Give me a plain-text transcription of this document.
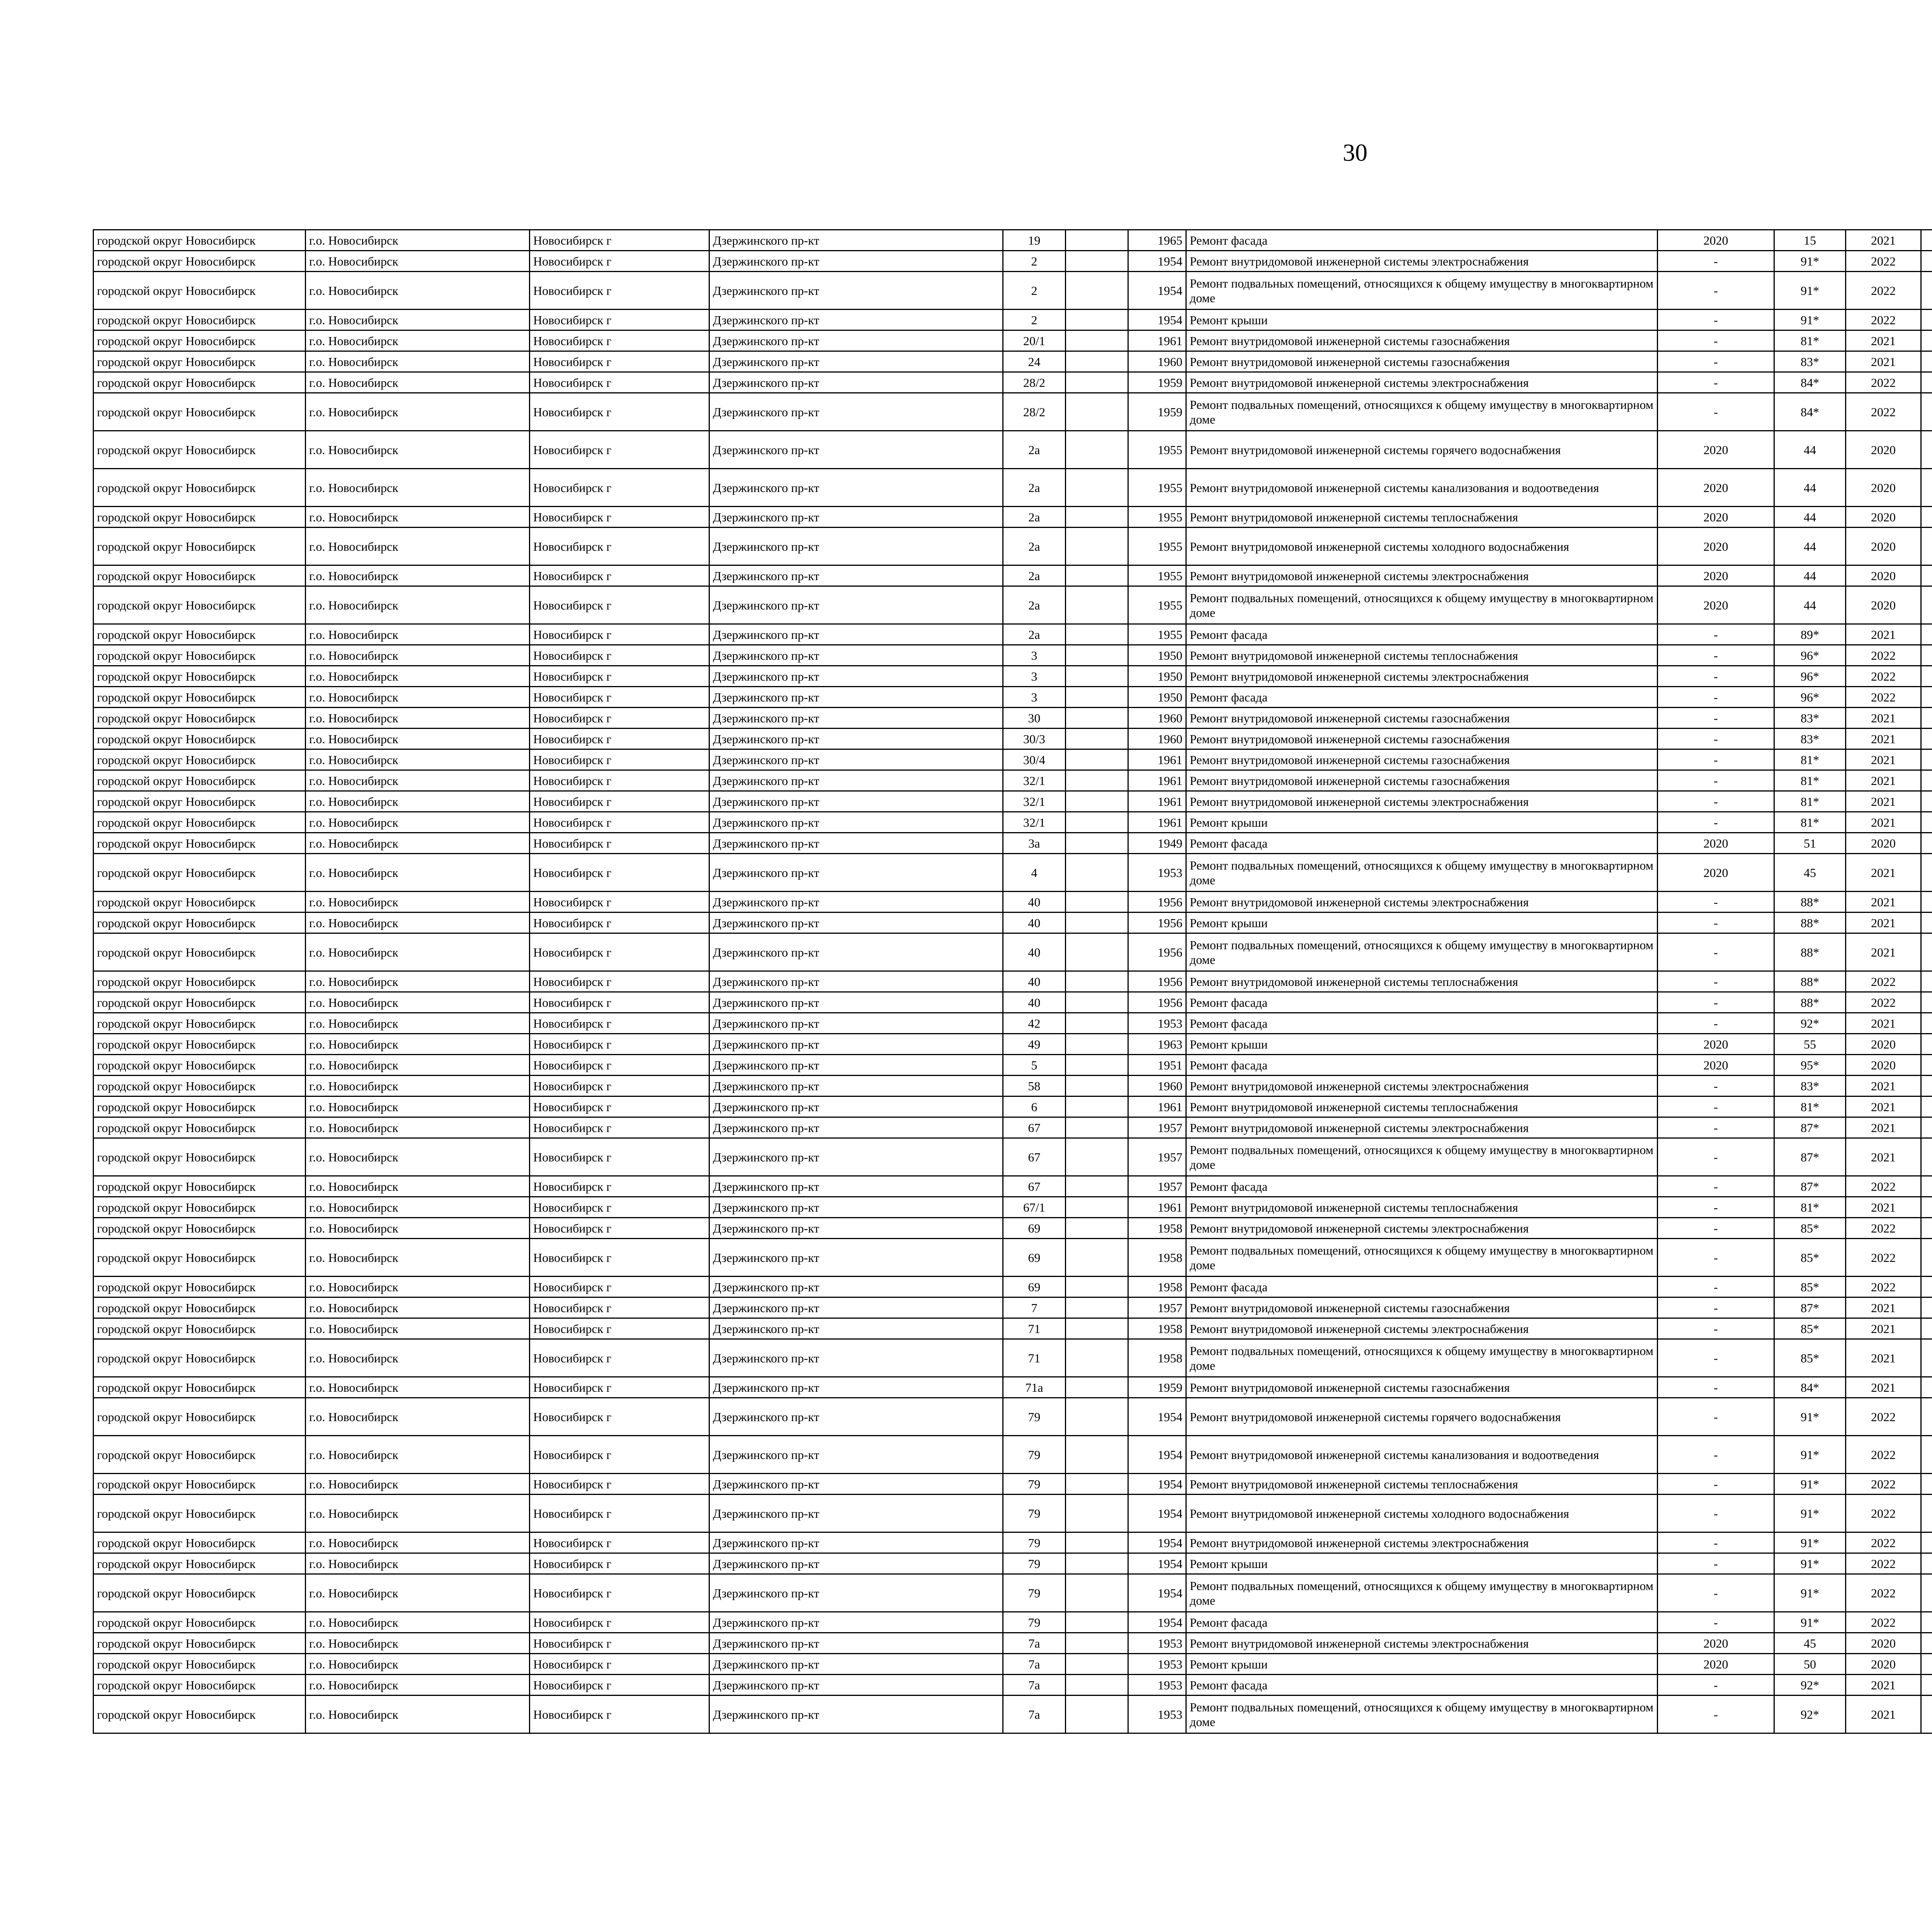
30
городской округ Новосибирск	г.о. Новосибирск	Новосибирск г	Дзержинского пр-кт	19		1965	Ремонт фасада	2020	15	2021						
городской округ Новосибирск	г.о. Новосибирск	Новосибирск г	Дзержинского пр-кт	2		1954	Ремонт внутридомовой инженерной системы электроснабжения	-	91*	2022						
городской округ Новосибирск	г.о. Новосибирск	Новосибирск г	Дзержинского пр-кт	2		1954	Ремонт подвальных помещений, относящихся к общему имуществу в многоквартирном доме	-	91*	2022						
городской округ Новосибирск	г.о. Новосибирск	Новосибирск г	Дзержинского пр-кт	2		1954	Ремонт крыши	-	91*	2022						
городской округ Новосибирск	г.о. Новосибирск	Новосибирск г	Дзержинского пр-кт	20/1		1961	Ремонт внутридомовой инженерной системы газоснабжения	-	81*	2021						
городской округ Новосибирск	г.о. Новосибирск	Новосибирск г	Дзержинского пр-кт	24		1960	Ремонт внутридомовой инженерной системы газоснабжения	-	83*	2021						
городской округ Новосибирск	г.о. Новосибирск	Новосибирск г	Дзержинского пр-кт	28/2		1959	Ремонт внутридомовой инженерной системы электроснабжения	-	84*	2022						
городской округ Новосибирск	г.о. Новосибирск	Новосибирск г	Дзержинского пр-кт	28/2		1959	Ремонт подвальных помещений, относящихся к общему имуществу в многоквартирном доме	-	84*	2022						
городской округ Новосибирск	г.о. Новосибирск	Новосибирск г	Дзержинского пр-кт	2а		1955	Ремонт внутридомовой инженерной системы горячего водоснабжения	2020	44	2020						
городской округ Новосибирск	г.о. Новосибирск	Новосибирск г	Дзержинского пр-кт	2а		1955	Ремонт внутридомовой инженерной системы канализования и водоотведения	2020	44	2020						
городской округ Новосибирск	г.о. Новосибирск	Новосибирск г	Дзержинского пр-кт	2а		1955	Ремонт внутридомовой инженерной системы теплоснабжения	2020	44	2020						
городской округ Новосибирск	г.о. Новосибирск	Новосибирск г	Дзержинского пр-кт	2а		1955	Ремонт внутридомовой инженерной системы холодного водоснабжения	2020	44	2020						
городской округ Новосибирск	г.о. Новосибирск	Новосибирск г	Дзержинского пр-кт	2а		1955	Ремонт внутридомовой инженерной системы электроснабжения	2020	44	2020						
городской округ Новосибирск	г.о. Новосибирск	Новосибирск г	Дзержинского пр-кт	2а		1955	Ремонт подвальных помещений, относящихся к общему имуществу в многоквартирном доме	2020	44	2020						
городской округ Новосибирск	г.о. Новосибирск	Новосибирск г	Дзержинского пр-кт	2а		1955	Ремонт фасада	-	89*	2021						
городской округ Новосибирск	г.о. Новосибирск	Новосибирск г	Дзержинского пр-кт	3		1950	Ремонт внутридомовой инженерной системы теплоснабжения	-	96*	2022						
городской округ Новосибирск	г.о. Новосибирск	Новосибирск г	Дзержинского пр-кт	3		1950	Ремонт внутридомовой инженерной системы электроснабжения	-	96*	2022						
городской округ Новосибирск	г.о. Новосибирск	Новосибирск г	Дзержинского пр-кт	3		1950	Ремонт фасада	-	96*	2022						
городской округ Новосибирск	г.о. Новосибирск	Новосибирск г	Дзержинского пр-кт	30		1960	Ремонт внутридомовой инженерной системы газоснабжения	-	83*	2021						
городской округ Новосибирск	г.о. Новосибирск	Новосибирск г	Дзержинского пр-кт	30/3		1960	Ремонт внутридомовой инженерной системы газоснабжения	-	83*	2021						
городской округ Новосибирск	г.о. Новосибирск	Новосибирск г	Дзержинского пр-кт	30/4		1961	Ремонт внутридомовой инженерной системы газоснабжения	-	81*	2021						
городской округ Новосибирск	г.о. Новосибирск	Новосибирск г	Дзержинского пр-кт	32/1		1961	Ремонт внутридомовой инженерной системы газоснабжения	-	81*	2021						
городской округ Новосибирск	г.о. Новосибирск	Новосибирск г	Дзержинского пр-кт	32/1		1961	Ремонт внутридомовой инженерной системы электроснабжения	-	81*	2021						
городской округ Новосибирск	г.о. Новосибирск	Новосибирск г	Дзержинского пр-кт	32/1		1961	Ремонт крыши	-	81*	2021						
городской округ Новосибирск	г.о. Новосибирск	Новосибирск г	Дзержинского пр-кт	3а		1949	Ремонт фасада	2020	51	2020						
городской округ Новосибирск	г.о. Новосибирск	Новосибирск г	Дзержинского пр-кт	4		1953	Ремонт подвальных помещений, относящихся к общему имуществу в многоквартирном доме	2020	45	2021						
городской округ Новосибирск	г.о. Новосибирск	Новосибирск г	Дзержинского пр-кт	40		1956	Ремонт внутридомовой инженерной системы электроснабжения	-	88*	2021						
городской округ Новосибирск	г.о. Новосибирск	Новосибирск г	Дзержинского пр-кт	40		1956	Ремонт крыши	-	88*	2021						
городской округ Новосибирск	г.о. Новосибирск	Новосибирск г	Дзержинского пр-кт	40		1956	Ремонт подвальных помещений, относящихся к общему имуществу в многоквартирном доме	-	88*	2021						
городской округ Новосибирск	г.о. Новосибирск	Новосибирск г	Дзержинского пр-кт	40		1956	Ремонт внутридомовой инженерной системы теплоснабжения	-	88*	2022						
городской округ Новосибирск	г.о. Новосибирск	Новосибирск г	Дзержинского пр-кт	40		1956	Ремонт фасада	-	88*	2022						
городской округ Новосибирск	г.о. Новосибирск	Новосибирск г	Дзержинского пр-кт	42		1953	Ремонт фасада	-	92*	2021						
городской округ Новосибирск	г.о. Новосибирск	Новосибирск г	Дзержинского пр-кт	49		1963	Ремонт крыши	2020	55	2020						
городской округ Новосибирск	г.о. Новосибирск	Новосибирск г	Дзержинского пр-кт	5		1951	Ремонт фасада	2020	95*	2020						
городской округ Новосибирск	г.о. Новосибирск	Новосибирск г	Дзержинского пр-кт	58		1960	Ремонт внутридомовой инженерной системы электроснабжения	-	83*	2021						
городской округ Новосибирск	г.о. Новосибирск	Новосибирск г	Дзержинского пр-кт	6		1961	Ремонт внутридомовой инженерной системы теплоснабжения	-	81*	2021						
городской округ Новосибирск	г.о. Новосибирск	Новосибирск г	Дзержинского пр-кт	67		1957	Ремонт внутридомовой инженерной системы электроснабжения	-	87*	2021						
городской округ Новосибирск	г.о. Новосибирск	Новосибирск г	Дзержинского пр-кт	67		1957	Ремонт подвальных помещений, относящихся к общему имуществу в многоквартирном доме	-	87*	2021						
городской округ Новосибирск	г.о. Новосибирск	Новосибирск г	Дзержинского пр-кт	67		1957	Ремонт фасада	-	87*	2022						
городской округ Новосибирск	г.о. Новосибирск	Новосибирск г	Дзержинского пр-кт	67/1		1961	Ремонт внутридомовой инженерной системы теплоснабжения	-	81*	2021						
городской округ Новосибирск	г.о. Новосибирск	Новосибирск г	Дзержинского пр-кт	69		1958	Ремонт внутридомовой инженерной системы электроснабжения	-	85*	2022						
городской округ Новосибирск	г.о. Новосибирск	Новосибирск г	Дзержинского пр-кт	69		1958	Ремонт подвальных помещений, относящихся к общему имуществу в многоквартирном доме	-	85*	2022						
городской округ Новосибирск	г.о. Новосибирск	Новосибирск г	Дзержинского пр-кт	69		1958	Ремонт фасада	-	85*	2022						
городской округ Новосибирск	г.о. Новосибирск	Новосибирск г	Дзержинского пр-кт	7		1957	Ремонт внутридомовой инженерной системы газоснабжения	-	87*	2021						
городской округ Новосибирск	г.о. Новосибирск	Новосибирск г	Дзержинского пр-кт	71		1958	Ремонт внутридомовой инженерной системы электроснабжения	-	85*	2021						
городской округ Новосибирск	г.о. Новосибирск	Новосибирск г	Дзержинского пр-кт	71		1958	Ремонт подвальных помещений, относящихся к общему имуществу в многоквартирном доме	-	85*	2021						
городской округ Новосибирск	г.о. Новосибирск	Новосибирск г	Дзержинского пр-кт	71а		1959	Ремонт внутридомовой инженерной системы газоснабжения	-	84*	2021						
городской округ Новосибирск	г.о. Новосибирск	Новосибирск г	Дзержинского пр-кт	79		1954	Ремонт внутридомовой инженерной системы горячего водоснабжения	-	91*	2022						
городской округ Новосибирск	г.о. Новосибирск	Новосибирск г	Дзержинского пр-кт	79		1954	Ремонт внутридомовой инженерной системы канализования и водоотведения	-	91*	2022						
городской округ Новосибирск	г.о. Новосибирск	Новосибирск г	Дзержинского пр-кт	79		1954	Ремонт внутридомовой инженерной системы теплоснабжения	-	91*	2022						
городской округ Новосибирск	г.о. Новосибирск	Новосибирск г	Дзержинского пр-кт	79		1954	Ремонт внутридомовой инженерной системы холодного водоснабжения	-	91*	2022						
городской округ Новосибирск	г.о. Новосибирск	Новосибирск г	Дзержинского пр-кт	79		1954	Ремонт внутридомовой инженерной системы электроснабжения	-	91*	2022						
городской округ Новосибирск	г.о. Новосибирск	Новосибирск г	Дзержинского пр-кт	79		1954	Ремонт крыши	-	91*	2022						
городской округ Новосибирск	г.о. Новосибирск	Новосибирск г	Дзержинского пр-кт	79		1954	Ремонт подвальных помещений, относящихся к общему имуществу в многоквартирном доме	-	91*	2022						
городской округ Новосибирск	г.о. Новосибирск	Новосибирск г	Дзержинского пр-кт	79		1954	Ремонт фасада	-	91*	2022						
городской округ Новосибирск	г.о. Новосибирск	Новосибирск г	Дзержинского пр-кт	7а		1953	Ремонт внутридомовой инженерной системы электроснабжения	2020	45	2020						
городской округ Новосибирск	г.о. Новосибирск	Новосибирск г	Дзержинского пр-кт	7а		1953	Ремонт крыши	2020	50	2020						
городской округ Новосибирск	г.о. Новосибирск	Новосибирск г	Дзержинского пр-кт	7а		1953	Ремонт фасада	-	92*	2021						
городской округ Новосибирск	г.о. Новосибирск	Новосибирск г	Дзержинского пр-кт	7а		1953	Ремонт подвальных помещений, относящихся к общему имуществу в многоквартирном доме	-	92*	2021						
